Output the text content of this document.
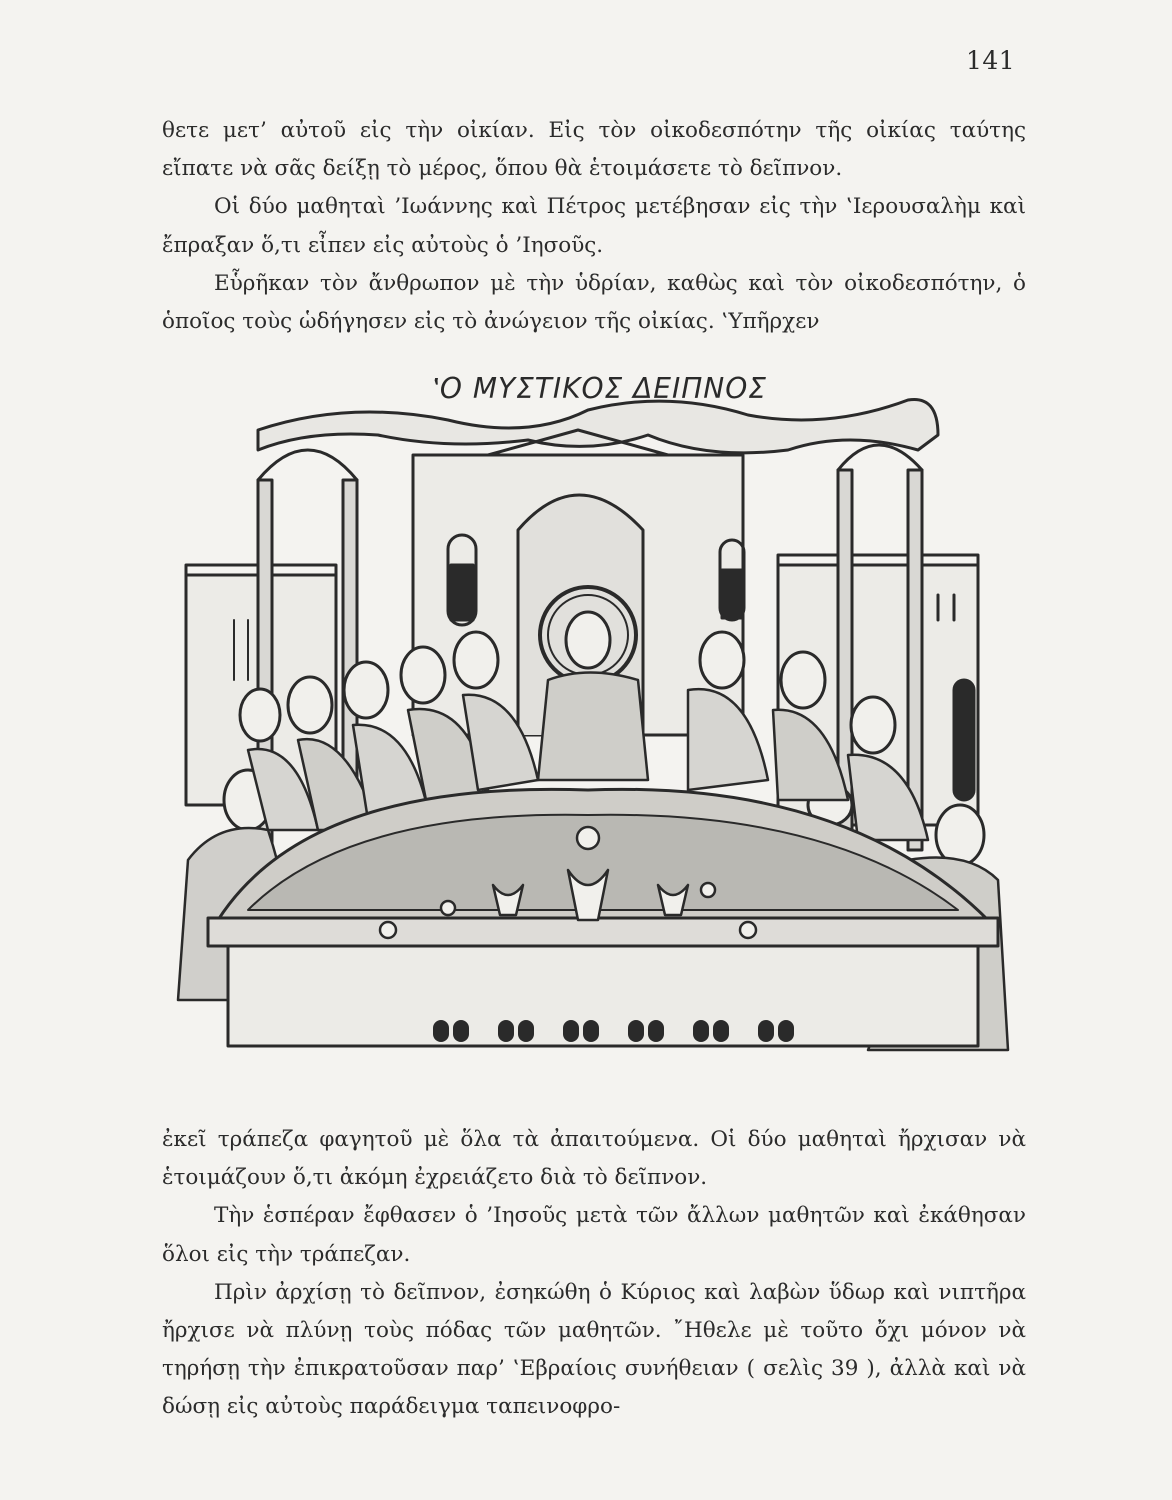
141

θετε μετ’ αὐτοῦ εἰς τὴν οἰκίαν. Εἰς τὸν οἰκοδεσπότην τῆς οἰκίας ταύτης εἴπατε νὰ σᾶς δείξῃ τὸ μέρος, ὅπου θὰ ἑτοιμάσετε τὸ δεῖπνον.

Οἱ δύο μαθηταὶ ’Ιωάννης καὶ Πέτρος μετέβησαν εἰς τὴν ‛Ιερουσαλὴμ καὶ ἔπραξαν ὅ,τι εἶπεν εἰς αὐτοὺς ὁ ’Ιησοῦς.

Εὗρῆκαν τὸν ἄνθρωπον μὲ τὴν ὑδρίαν, καθὼς καὶ τὸν οἰκοδεσπότην, ὁ ὁποῖος τοὺς ὡδήγησεν εἰς τὸ ἀνώγειον τῆς οἰκίας. ‛Υπῆρχεν

‛Ο ΜΥΣΤΙΚΟΣ ΔΕΙΠΝΟΣ

ἐκεῖ τράπεζα φαγητοῦ μὲ ὅλα τὰ ἀπαιτούμενα. Οἱ δύο μαθηταὶ ἤρχισαν νὰ ἑτοιμάζουν ὅ,τι ἀκόμη ἐχρειάζετο διὰ τὸ δεῖπνον.

Τὴν ἑσπέραν ἔφθασεν ὁ ’Ιησοῦς μετὰ τῶν ἄλλων μαθητῶν καὶ ἐκάθησαν ὅλοι εἰς τὴν τράπεζαν.

Πρὶν ἀρχίσῃ τὸ δεῖπνον, ἐσηκώθη ὁ Κύριος καὶ λαβὼν ὕδωρ καὶ νιπτῆρα ἤρχισε νὰ πλύνῃ τοὺς πόδας τῶν μαθητῶν. ῎Ηθελε μὲ τοῦτο ὄχι μόνον νὰ τηρήσῃ τὴν ἐπικρατοῦσαν παρ’ ‛Εβραίοις συνήθειαν ( σελὶς 39 ), ἀλλὰ καὶ νὰ δώσῃ εἰς αὐτοὺς παράδειγμα ταπεινοφρο-
